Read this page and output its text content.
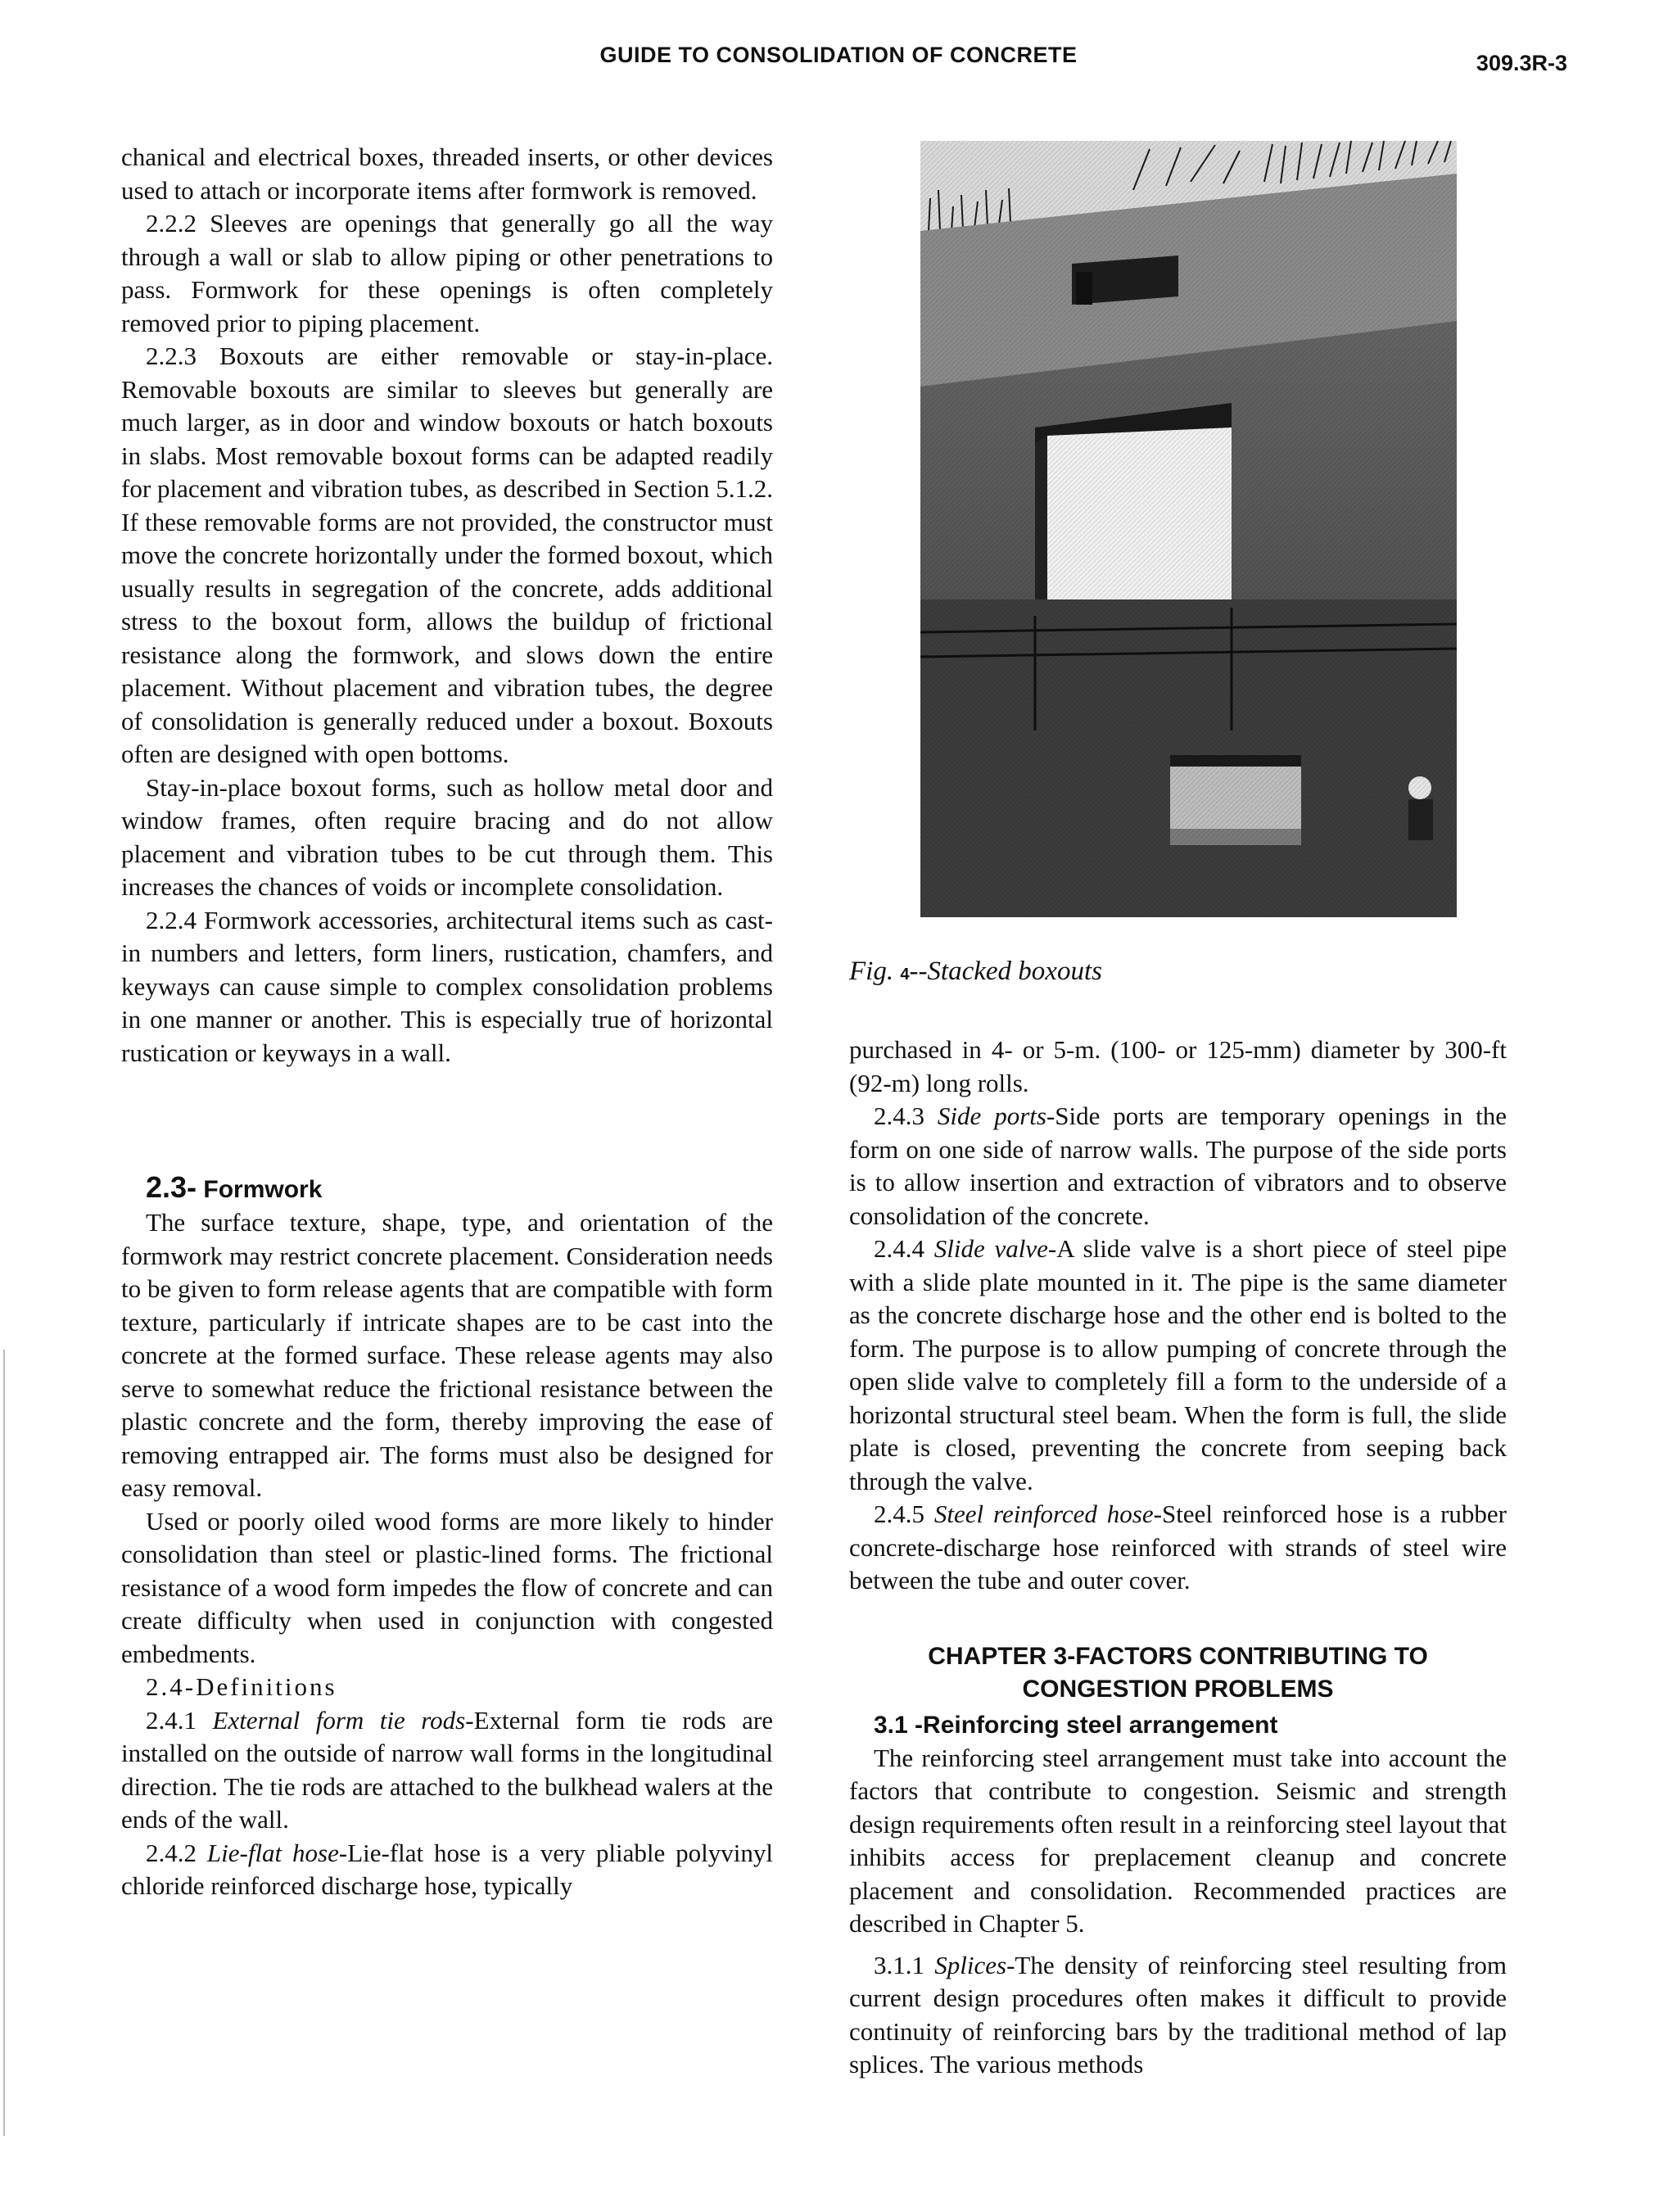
GUIDE TO CONSOLIDATION OF CONCRETE	309.3R-3

chanical and electrical boxes, threaded inserts, or other devices used to attach or incorporate items after formwork is removed.

2.2.2 Sleeves are openings that generally go all the way through a wall or slab to allow piping or other penetrations to pass. Formwork for these openings is often completely removed prior to piping placement.

2.2.3 Boxouts are either removable or stay-in-place. Removable boxouts are similar to sleeves but generally are much larger, as in door and window boxouts or hatch boxouts in slabs. Most removable boxout forms can be adapted readily for placement and vibration tubes, as described in Section 5.1.2. If these removable forms are not provided, the constructor must move the concrete horizontally under the formed boxout, which usually results in segregation of the concrete, adds additional stress to the boxout form, allows the buildup of frictional resistance along the formwork, and slows down the entire placement. Without placement and vibration tubes, the degree of consolidation is generally reduced under a boxout. Boxouts often are designed with open bottoms.

Stay-in-place boxout forms, such as hollow metal door and window frames, often require bracing and do not allow placement and vibration tubes to be cut through them. This increases the chances of voids or incomplete consolidation.

2.2.4 Formwork accessories, architectural items such as cast-in numbers and letters, form liners, rustication, chamfers, and keyways can cause simple to complex consolidation problems in one manner or another. This is especially true of horizontal rustication or keyways in a wall.

2.3- Formwork

The surface texture, shape, type, and orientation of the formwork may restrict concrete placement. Consideration needs to be given to form release agents that are compatible with form texture, particularly if intricate shapes are to be cast into the concrete at the formed surface. These release agents may also serve to somewhat reduce the frictional resistance between the plastic concrete and the form, thereby improving the ease of removing entrapped air. The forms must also be designed for easy removal.

Used or poorly oiled wood forms are more likely to hinder consolidation than steel or plastic-lined forms. The frictional resistance of a wood form impedes the flow of concrete and can create difficulty when used in conjunction with congested embedments.

2.4-Definitions

2.4.1 External form tie rods-External form tie rods are installed on the outside of narrow wall forms in the longitudinal direction. The tie rods are attached to the bulkhead walers at the ends of the wall.

2.4.2 Lie-flat hose-Lie-flat hose is a very pliable polyvinyl chloride reinforced discharge hose, typically

Fig. 4--Stacked boxouts

purchased in 4- or 5-m. (100- or 125-mm) diameter by 300-ft (92-m) long rolls.

2.4.3 Side ports-Side ports are temporary openings in the form on one side of narrow walls. The purpose of the side ports is to allow insertion and extraction of vibrators and to observe consolidation of the concrete.

2.4.4 Slide valve-A slide valve is a short piece of steel pipe with a slide plate mounted in it. The pipe is the same diameter as the concrete discharge hose and the other end is bolted to the form. The purpose is to allow pumping of concrete through the open slide valve to completely fill a form to the underside of a horizontal structural steel beam. When the form is full, the slide plate is closed, preventing the concrete from seeping back through the valve.

2.4.5 Steel reinforced hose-Steel reinforced hose is a rubber concrete-discharge hose reinforced with strands of steel wire between the tube and outer cover.

CHAPTER 3-FACTORS CONTRIBUTING TO
CONGESTION PROBLEMS

3.1 -Reinforcing steel arrangement

The reinforcing steel arrangement must take into account the factors that contribute to congestion. Seismic and strength design requirements often result in a reinforcing steel layout that inhibits access for preplacement cleanup and concrete placement and consolidation. Recommended practices are described in Chapter 5.

3.1.1 Splices-The density of reinforcing steel resulting from current design procedures often makes it difficult to provide continuity of reinforcing bars by the traditional method of lap splices. The various methods
